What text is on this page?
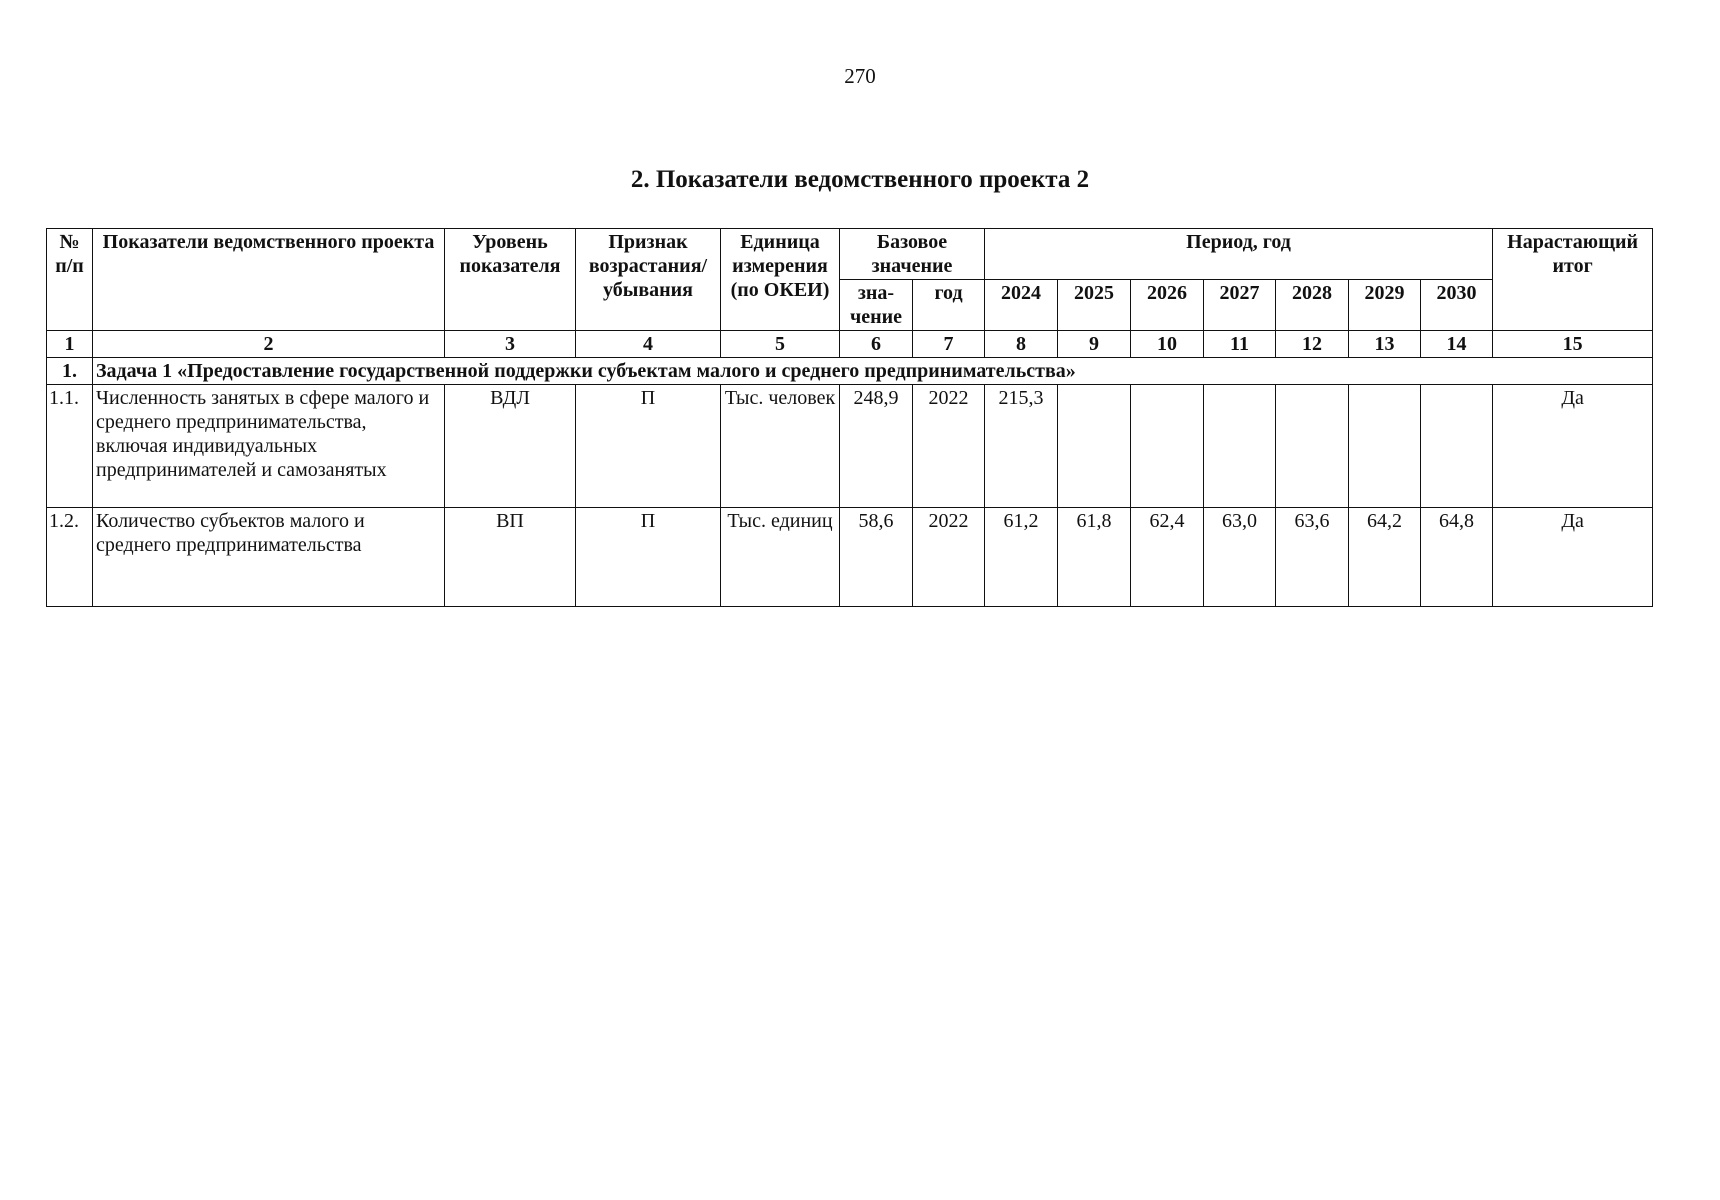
270
2. Показатели ведомственного проекта 2
№ п/п	Показатели ведомственного проекта	Уровень показателя	Признак возрастания/ убывания	Единица измерения (по ОКЕИ)	Базовое значение		Период, год							Нарастающий итог
					зна- чение	год	2024	2025	2026	2027	2028	2029	2030	
1	2	3	4	5	6	7	8	9	10	11	12	13	14	15
1.	Задача 1 «Предоставление государственной поддержки субъектам малого и среднего предпринимательства»													
1.1.	Численность занятых в сфере малого и среднего предпринимательства, включая индивидуальных предпринимателей и самозанятых	ВДЛ	П	Тыс. человек	248,9	2022	215,3							Да
1.2.	Количество субъектов малого и среднего предпринимательства	ВП	П	Тыс. единиц	58,6	2022	61,2	61,8	62,4	63,0	63,6	64,2	64,8	Да
